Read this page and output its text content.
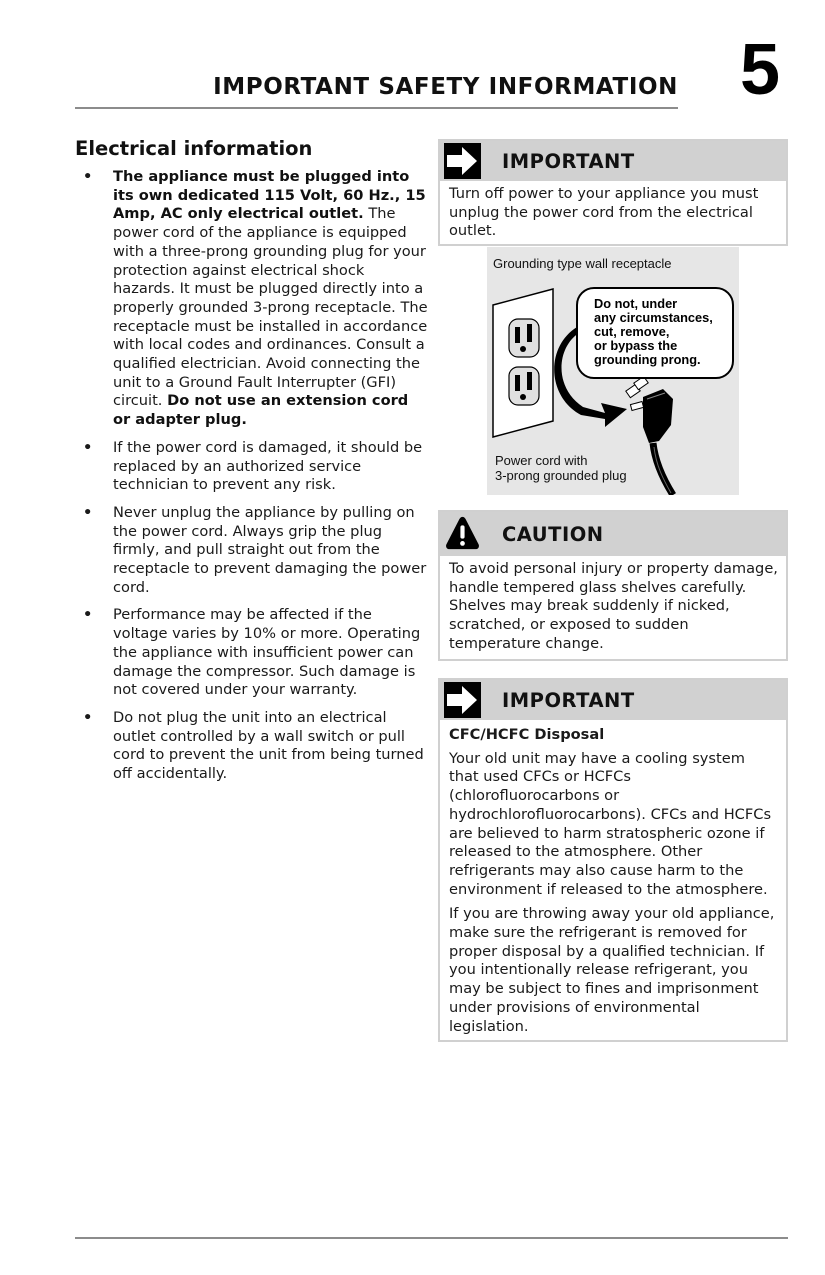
IMPORTANT SAFETY INFORMATION 5
Electrical information
• The appliance must be plugged into its own dedicated 115 Volt, 60 Hz., 15 Amp, AC only electrical outlet. The power cord of the appliance is equipped with a three-prong grounding plug for your protection against electrical shock hazards. It must be plugged directly into a properly grounded 3-prong receptacle. The receptacle must be installed in accordance with local codes and ordinances. Consult a qualified electrician. Avoid connecting the unit to a Ground Fault Interrupter (GFI) circuit. Do not use an extension cord or adapter plug.
• If the power cord is damaged, it should be replaced by an authorized service technician to prevent any risk.
• Never unplug the appliance by pulling on the power cord. Always grip the plug firmly, and pull straight out from the receptacle to prevent damaging the power cord.
• Performance may be affected if the voltage varies by 10% or more. Operating the appliance with insufficient power can damage the compressor. Such damage is not covered under your warranty.
• Do not plug the unit into an electrical outlet controlled by a wall switch or pull cord to prevent the unit from being turned off accidentally.
IMPORTANT
Turn off power to your appliance you must unplug the power cord from the electrical outlet.
Grounding type wall receptacle
Do not, under
any circumstances,
cut, remove,
or bypass the
grounding prong.
Power cord with
3-prong grounded plug
CAUTION
To avoid personal injury or property damage, handle tempered glass shelves carefully. Shelves may break suddenly if nicked, scratched, or exposed to sudden temperature change.
IMPORTANT
CFC/HCFC Disposal
Your old unit may have a cooling system that used CFCs or HCFCs (chlorofluorocarbons or hydrochlorofluorocarbons). CFCs and HCFCs are believed to harm stratospheric ozone if released to the atmosphere. Other refrigerants may also cause harm to the environment if released to the atmosphere.
If you are throwing away your old appliance, make sure the refrigerant is removed for proper disposal by a qualified technician. If you intentionally release refrigerant, you may be subject to fines and imprisonment under provisions of environmental legislation.
